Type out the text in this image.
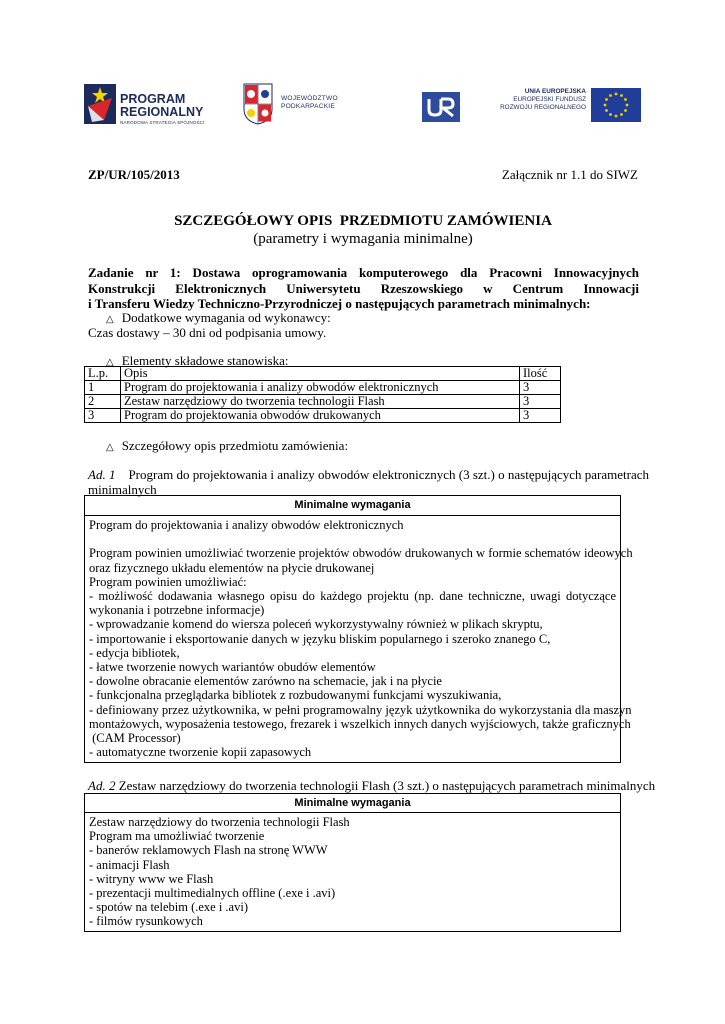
PROGRAM
REGIONALNY
NARODOWA STRATEGIA SPÓJNOŚCI
WOJEWÓDZTWO
PODKARPACKIE
UNIA EUROPEJSKA
EUROPEJSKI FUNDUSZ
ROZWOJU REGIONALNEGO
ZP/UR/105/2013	Załącznik nr 1.1 do SIWZ
SZCZEGÓŁOWY OPIS  PRZEDMIOTU ZAMÓWIENIA
(parametry i wymagania minimalne)
Zadanie nr 1: Dostawa oprogramowania komputerowego dla Pracowni Innowacyjnych
Konstrukcji Elektronicznych Uniwersytetu Rzeszowskiego w Centrum Innowacji
i Transferu Wiedzy Techniczno-Przyrodniczej o następujących parametrach minimalnych:
△ Dodatkowe wymagania od wykonawcy:
Czas dostawy – 30 dni od podpisania umowy.
△ Elementy składowe stanowiska:
L.p.	Opis	Ilość
1	Program do projektowania i analizy obwodów elektronicznych	3
2	Zestaw narzędziowy do tworzenia technologii Flash	3
3	Program do projektowania obwodów drukowanych	3
△ Szczegółowy opis przedmiotu zamówienia:
Ad. 1 Program do projektowania i analizy obwodów elektronicznych (3 szt.) o następujących parametrach
minimalnych
Minimalne wymagania
Program do projektowania i analizy obwodów elektronicznych
Program powinien umożliwiać tworzenie projektów obwodów drukowanych w formie schematów ideowych
oraz fizycznego układu elementów na płycie drukowanej
Program powinien umożliwiać:
- możliwość dodawania własnego opisu do każdego projektu (np. dane techniczne, uwagi dotyczące
wykonania i potrzebne informacje)
- wprowadzanie komend do wiersza poleceń wykorzystywalny również w plikach skryptu,
- importowanie i eksportowanie danych w języku bliskim popularnego i szeroko znanego C,
- edycja bibliotek,
- łatwe tworzenie nowych wariantów obudów elementów
- dowolne obracanie elementów zarówno na schemacie, jak i na płycie
- funkcjonalna przeglądarka bibliotek z rozbudowanymi funkcjami wyszukiwania,
- definiowany przez użytkownika, w pełni programowalny język użytkownika do wykorzystania dla maszyn
montażowych, wyposażenia testowego, frezarek i wszelkich innych danych wyjściowych, także graficznych
(CAM Processor)
- automatyczne tworzenie kopii zapasowych
Ad. 2 Zestaw narzędziowy do tworzenia technologii Flash (3 szt.) o następujących parametrach minimalnych
Minimalne wymagania
Zestaw narzędziowy do tworzenia technologii Flash
Program ma umożliwiać tworzenie
- banerów reklamowych Flash na stronę WWW
- animacji Flash
- witryny www we Flash
- prezentacji multimedialnych offline (.exe i .avi)
- spotów na telebim (.exe i .avi)
- filmów rysunkowych
